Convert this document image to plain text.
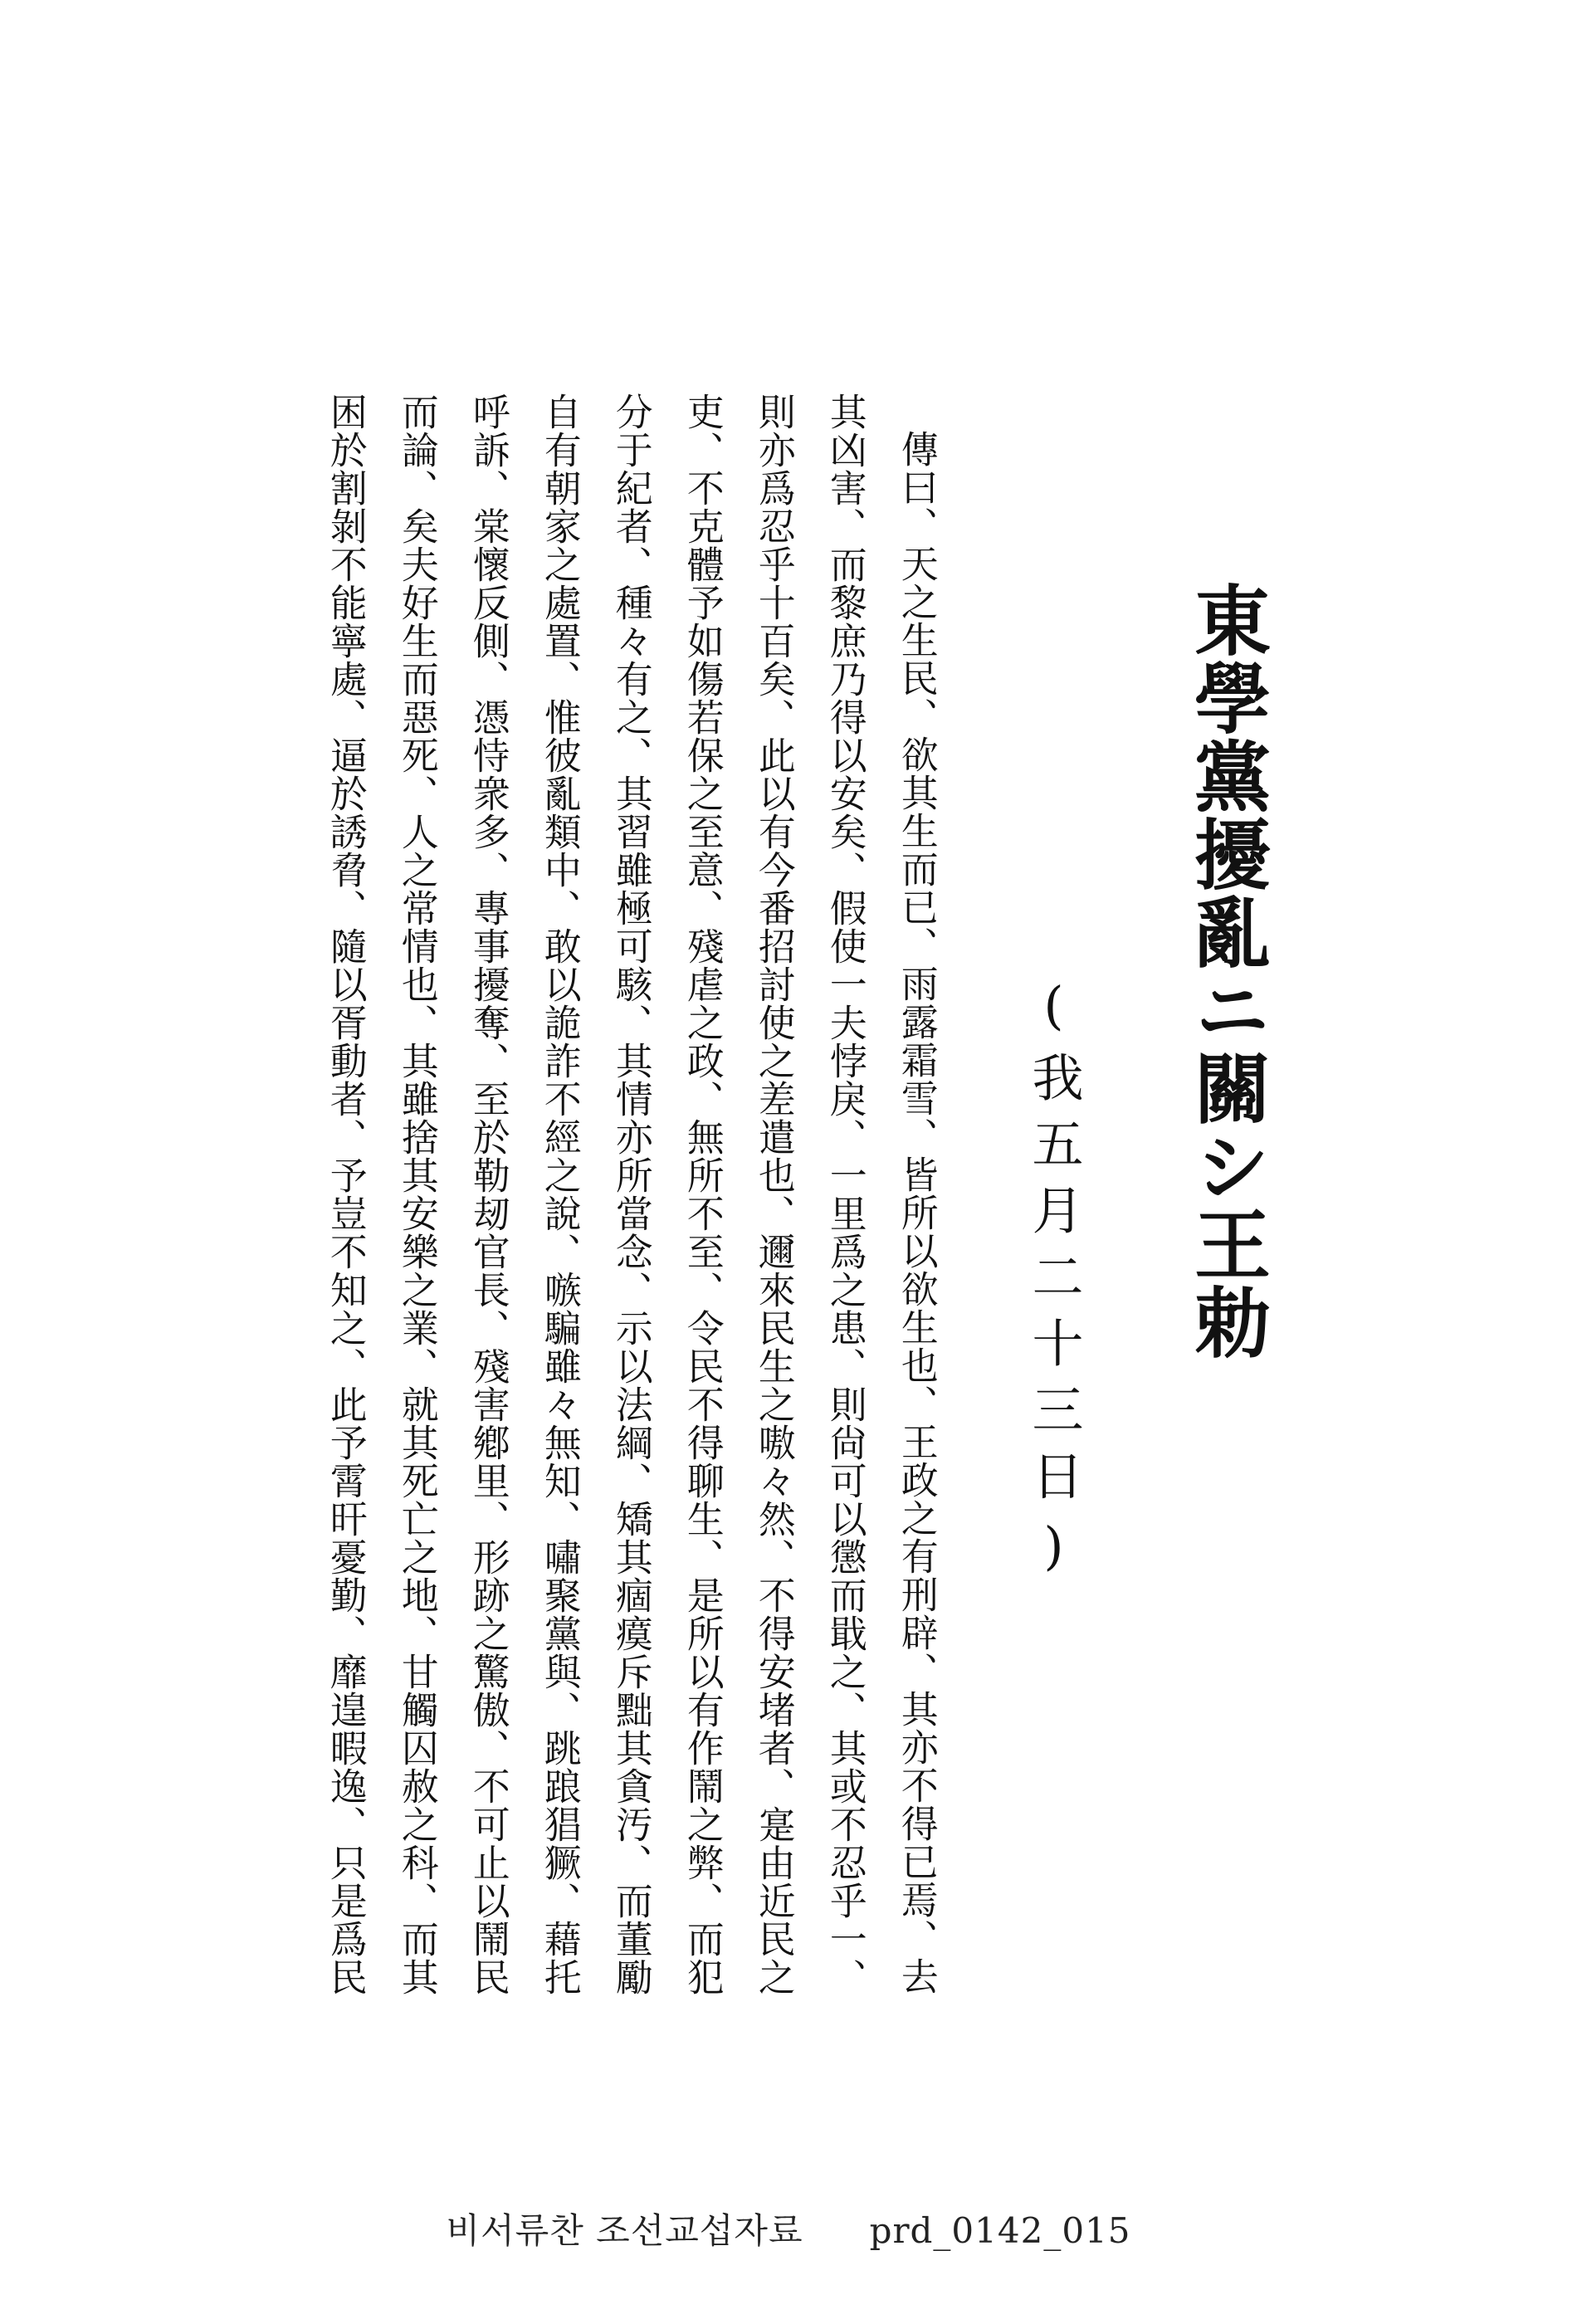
東學黨擾亂ニ關シ王勅
(我五月二十三日)
傳曰、天之生民、欲其生而已、雨露霜雪、皆所以欲生也、王政之有刑辟、其亦不得已焉、去
其凶害、而黎庶乃得以安矣、假使一夫悖戾、一里爲之患、則尙可以懲而戢之、其或不忍乎一、
則亦爲忍乎十百矣、此以有今番招討使之差遣也、邇來民生之嗷々然、不得安堵者、寔由近民之
吏、不克體予如傷若保之至意、殘虐之政、無所不至、令民不得聊生、是所以有作鬧之弊、而犯
分于紀者、種々有之、其習雖極可駭、其情亦所當念、示以法綱、矯其痼瘼斥黜其貪汚、而董勵
自有朝家之處置、惟彼亂類中、敢以詭詐不經之說、嗾騙雖々無知、嘯聚黨與、跳踉猖獗、藉托
呼訴、棠懷反側、憑恃衆多、專事擾奪、至於勒刼官長、殘害鄕里、形跡之驚傲、不可止以鬧民
而論、矣夫好生而惡死、人之常情也、其雖捨其安樂之業、就其死亡之地、甘觸囚赦之科、而其
困於割剝不能寧處、逼於誘脅、隨以胥動者、予豈不知之、此予霄旰憂勤、靡遑暇逸、只是爲民
비서류찬 조선교섭자료 prd_0142_015
